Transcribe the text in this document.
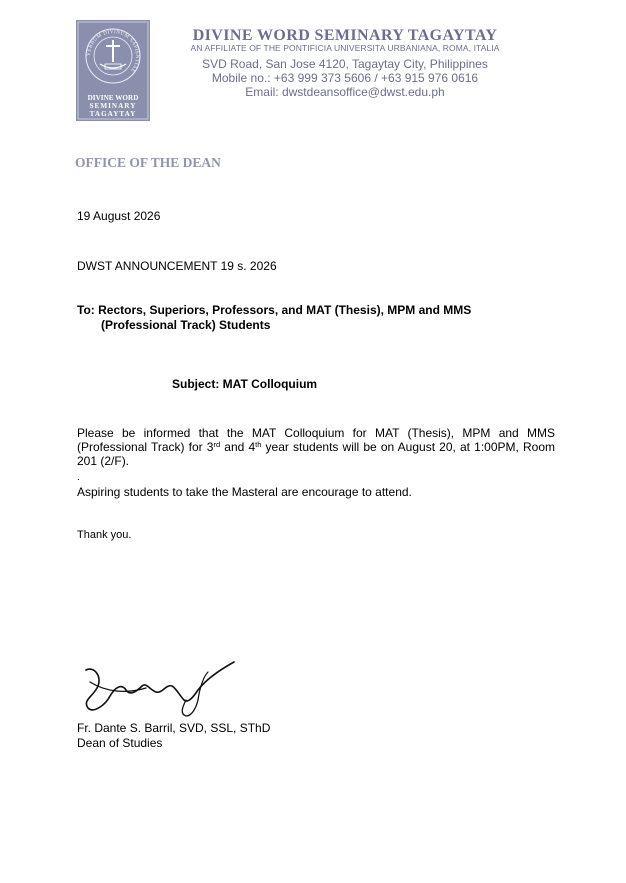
VERBUM DIVINUM SAPIENTIAE
DIVINE WORD
SEMINARY
TAGAYTAY
DIVINE WORD SEMINARY TAGAYTAY
AN AFFILIATE OF THE PONTIFICIA UNIVERSITA URBANIANA, ROMA, ITALIA
SVD Road, San Jose 4120, Tagaytay City, Philippines
Mobile no.: +63 999 373 5606 / +63 915 976 0616
Email: dwstdeansoffice@dwst.edu.ph
OFFICE OF THE DEAN
19 August 2026
DWST ANNOUNCEMENT 19 s. 2026
To: Rectors, Superiors, Professors, and MAT (Thesis), MPM and MMS
(Professional Track) Students
Subject: MAT Colloquium
Please be informed that the MAT Colloquium for MAT (Thesis), MPM and MMS (Professional Track) for 3rd and 4th year students will be on August 20, at 1:00PM, Room 201 (2/F).
.
Aspiring students to take the Masteral are encourage to attend.
Thank you.
Fr. Dante S. Barril, SVD, SSL, SThD
Dean of Studies
